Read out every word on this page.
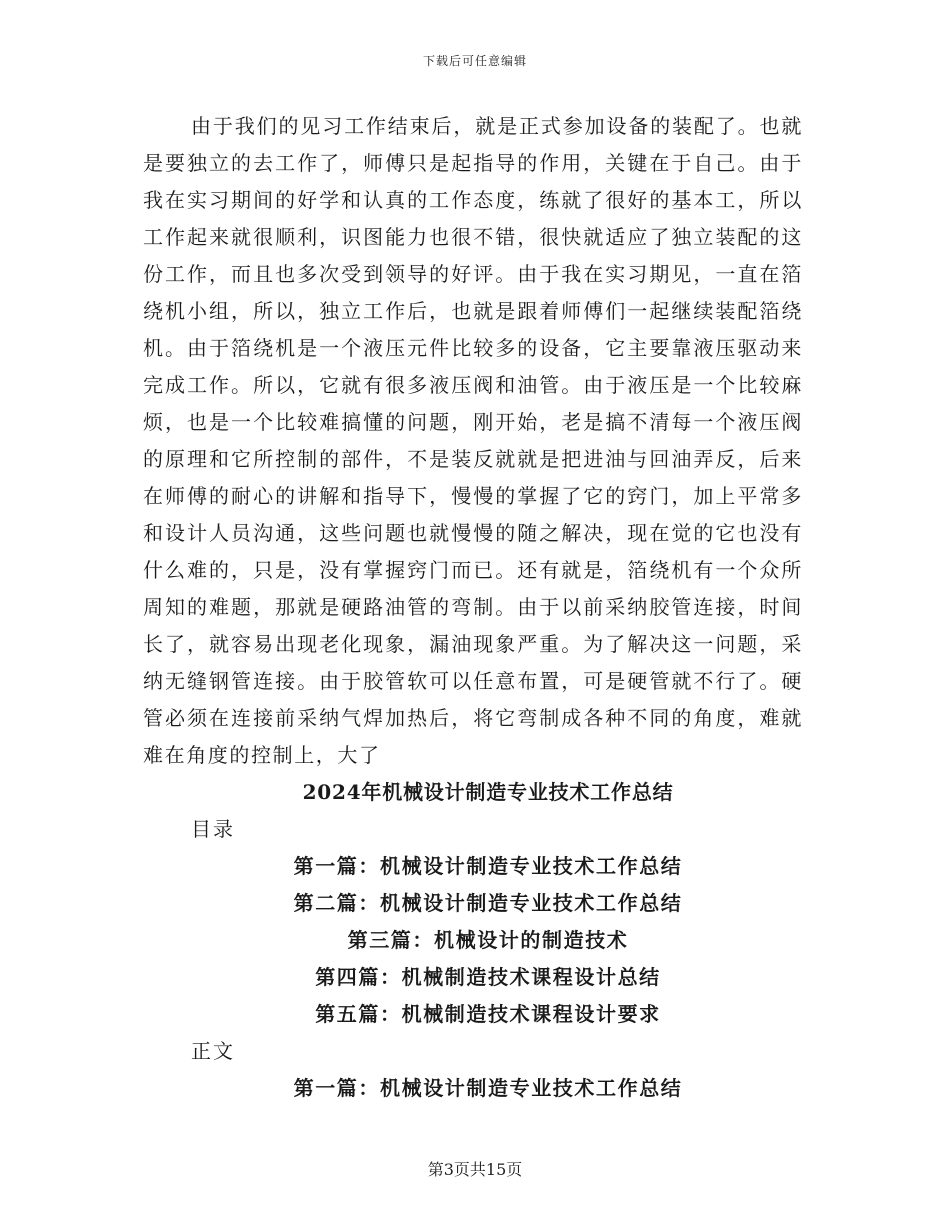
下载后可任意编辑

由于我们的见习工作结束后，就是正式参加设备的装配了。也就是要独立的去工作了，师傅只是起指导的作用，关键在于自己。由于我在实习期间的好学和认真的工作态度，练就了很好的基本工，所以工作起来就很顺利，识图能力也很不错，很快就适应了独立装配的这份工作，而且也多次受到领导的好评。由于我在实习期见，一直在箔绕机小组，所以，独立工作后，也就是跟着师傅们一起继续装配箔绕机。由于箔绕机是一个液压元件比较多的设备，它主要靠液压驱动来完成工作。所以，它就有很多液压阀和油管。由于液压是一个比较麻烦，也是一个比较难搞懂的问题，刚开始，老是搞不清每一个液压阀的原理和它所控制的部件，不是装反就就是把进油与回油弄反，后来在师傅的耐心的讲解和指导下，慢慢的掌握了它的窍门，加上平常多和设计人员沟通，这些问题也就慢慢的随之解决，现在觉的它也没有什么难的，只是，没有掌握窍门而已。还有就是，箔绕机有一个众所周知的难题，那就是硬路油管的弯制。由于以前采纳胶管连接，时间长了，就容易出现老化现象，漏油现象严重。为了解决这一问题，采纳无缝钢管连接。由于胶管软可以任意布置，可是硬管就不行了。硬管必须在连接前采纳气焊加热后，将它弯制成各种不同的角度，难就难在角度的控制上，大了

2024年机械设计制造专业技术工作总结

目录

第一篇：机械设计制造专业技术工作总结
第二篇：机械设计制造专业技术工作总结
第三篇：机械设计的制造技术
第四篇：机械制造技术课程设计总结
第五篇：机械制造技术课程设计要求

正文

第一篇：机械设计制造专业技术工作总结
第3页共15页
